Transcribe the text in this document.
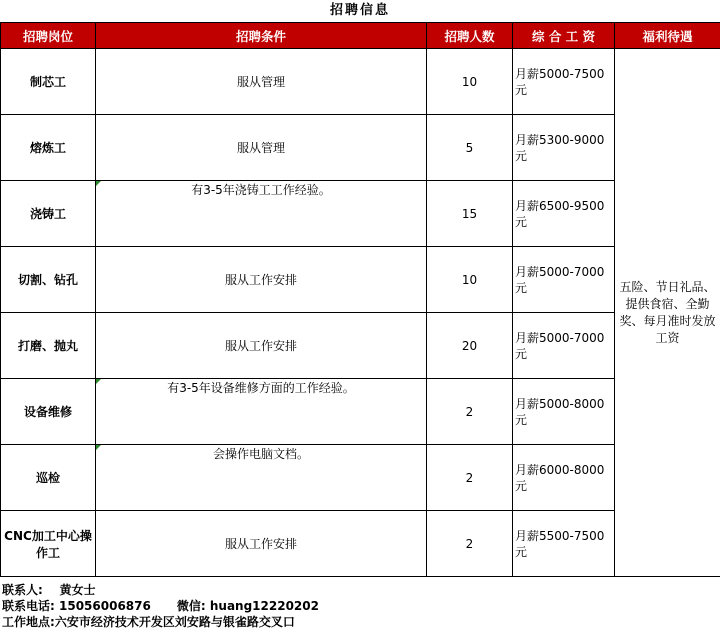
招聘信息
招聘岗位	招聘条件	招聘人数	综 合 工 资	福利待遇
制芯工	服从管理	10	月薪5000-7500元	五险、节日礼品、提供食宿、全勤奖、每月准时发放工资
熔炼工	服从管理	5	月薪5300-9000元	
浇铸工	有3-5年浇铸工工作经验。	15	月薪6500-9500元	
切割、钻孔	服从工作安排	10	月薪5000-7000元	
打磨、抛丸	服从工作安排	20	月薪5000-7000元	
设备维修	有3-5年设备维修方面的工作经验。	2	月薪5000-8000元	
巡检	会操作电脑文档。	2	月薪6000-8000元	
CNC加工中心操作工	服从工作安排	2	月薪5500-7500元	
联系人: 黄女士
联系电话: 15056006876 微信: huang12220202
工作地点:六安市经济技术开发区刘安路与银雀路交叉口
